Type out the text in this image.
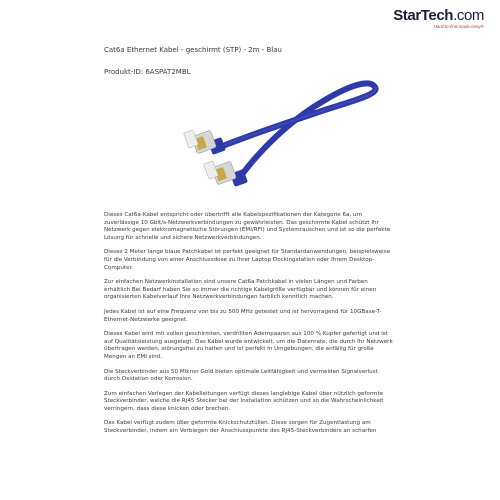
StarTech.com
Hard-to-find made easy®
Cat6a Ethernet Kabel - geschirmt (STP) - 2m - Blau
Produkt-ID: 6ASPAT2MBL

Dieses Cat6a-Kabel entspricht oder übertrifft alle Kabelspezifikationen der Kategorie 6a, um zuverlässige 10 Gbit/s-Netzwerkverbindungen zu gewährleisten. Das geschirmte Kabel schützt Ihr Netzwerk gegen elektromagnetische Störungen (EMI/RFI) und Systemrauschen und ist so die perfekte Lösung für schnelle und sichere Netzwerkverbindungen.

Dieses 2 Meter lange blaue Patchkabel ist perfekt geeignet für Standardanwendungen, beispielsweise für die Verbindung von einer Anschlussdose zu Ihrer Laptop Dockingstation oder Ihrem Desktop-Computer.

Zur einfachen Netzwerkinstallation sind unsere Cat6a Patchkabel in vielen Längen und Farben erhältlich Bei Bedarf haben Sie so immer die richtige Kabelgröße verfügbar und können für einen organisierten Kabelverlauf Ihre Netzwerkverbindungen farblich kenntlich machen.

Jedes Kabel ist auf eine Frequenz von bis zu 500 MHz getestet und ist hervorragend für 10GBase-T-Ethernet-Netzwerke geeignet.

Dieses Kabel wird mit vollen geschirmten, verdrillten Adernpaaren aus 100 % Kupfer gefertigt und ist auf Qualitätsleistung ausgelegt. Das Kabel wurde entwickelt, um die Datenrate, die durch Ihr Netzwerk übertragen werden, störungsfrei zu halten und ist perfekt in Umgebungen, die anfällig für große Mengen an EMI sind.

Die Steckverbinder aus 50 Mikron Gold bieten optimale Leitfähigkeit und vermeiden Signalverlust durch Oxidation oder Korrosion.

Zum einfachen Verlegen der Kabelleitungen verfügt dieses langlebige Kabel über nützlich geformte Steckverbinder, welche die RJ45 Stecker bei der Installation schützen und so die Wahrscheinlichkeit verringern, dass diese knicken oder brechen.

Das Kabel verfügt zudem über geformte Knickschutztüllen. Diese sorgen für Zugentlastung am Steckverbinder, indem ein Verbiegen der Anschlusspunkte des RJ45-Steckverbinders an scharfen
